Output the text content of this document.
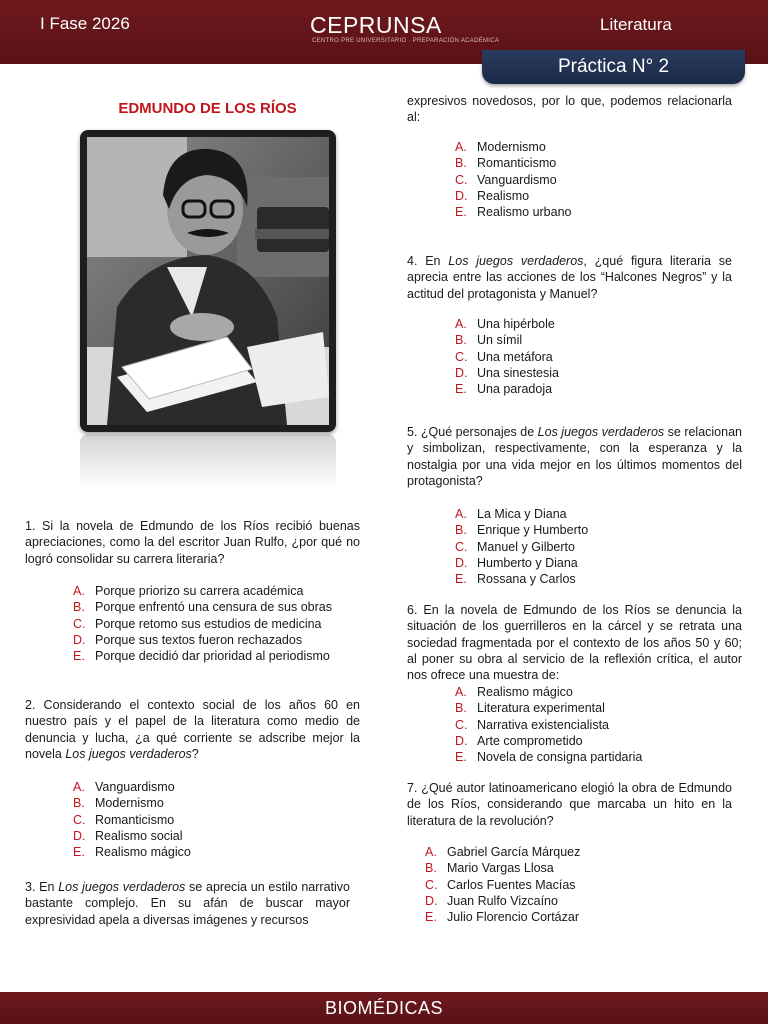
I Fase 2026	CEPRUNSA
CENTRO PRE UNIVERSITARIO · PREPARACIÓN ACADÉMICA
Literatura
Práctica N° 2
EDMUNDO DE LOS RÍOS
1. Si la novela de Edmundo de los Ríos recibió buenas apreciaciones, como la del escritor Juan Rulfo, ¿por qué no logró consolidar su carrera literaria?
A. Porque priorizo su carrera académica
B. Porque enfrentó una censura de sus obras
C. Porque retomo sus estudios de medicina
D. Porque sus textos fueron rechazados
E. Porque decidió dar prioridad al periodismo
2. Considerando el contexto social de los años 60 en nuestro país y el papel de la literatura como medio de denuncia y lucha, ¿a qué corriente se adscribe mejor la novela Los juegos verdaderos?
A. Vanguardismo
B. Modernismo
C. Romanticismo
D. Realismo social
E. Realismo mágico
3. En Los juegos verdaderos se aprecia un estilo narrativo bastante complejo. En su afán de buscar mayor expresividad apela a diversas imágenes y recursos
expresivos novedosos, por lo que, podemos relacionarla al:
A. Modernismo
B. Romanticismo
C. Vanguardismo
D. Realismo
E. Realismo urbano
4. En Los juegos verdaderos, ¿qué figura literaria se aprecia entre las acciones de los “Halcones Negros” y la actitud del protagonista y Manuel?
A. Una hipérbole
B. Un símil
C. Una metáfora
D. Una sinestesia
E. Una paradoja
5. ¿Qué personajes de Los juegos verdaderos se relacionan y simbolizan, respectivamente, con la esperanza y la nostalgia por una vida mejor en los últimos momentos del protagonista?
A. La Mica y Diana
B. Enrique y Humberto
C. Manuel y Gilberto
D. Humberto y Diana
E. Rossana y Carlos
6. En la novela de Edmundo de los Ríos se denuncia la situación de los guerrilleros en la cárcel y se retrata una sociedad fragmentada por el contexto de los años 50 y 60; al poner su obra al servicio de la reflexión crítica, el autor nos ofrece una muestra de:
A. Realismo mágico
B. Literatura experimental
C. Narrativa existencialista
D. Arte comprometido
E. Novela de consigna partidaria
7. ¿Qué autor latinoamericano elogió la obra de Edmundo de los Ríos, considerando que marcaba un hito en la literatura de la revolución?
A. Gabriel García Márquez
B. Mario Vargas Llosa
C. Carlos Fuentes Macías
D. Juan Rulfo Vizcaíno
E. Julio Florencio Cortázar
BIOMÉDICAS
